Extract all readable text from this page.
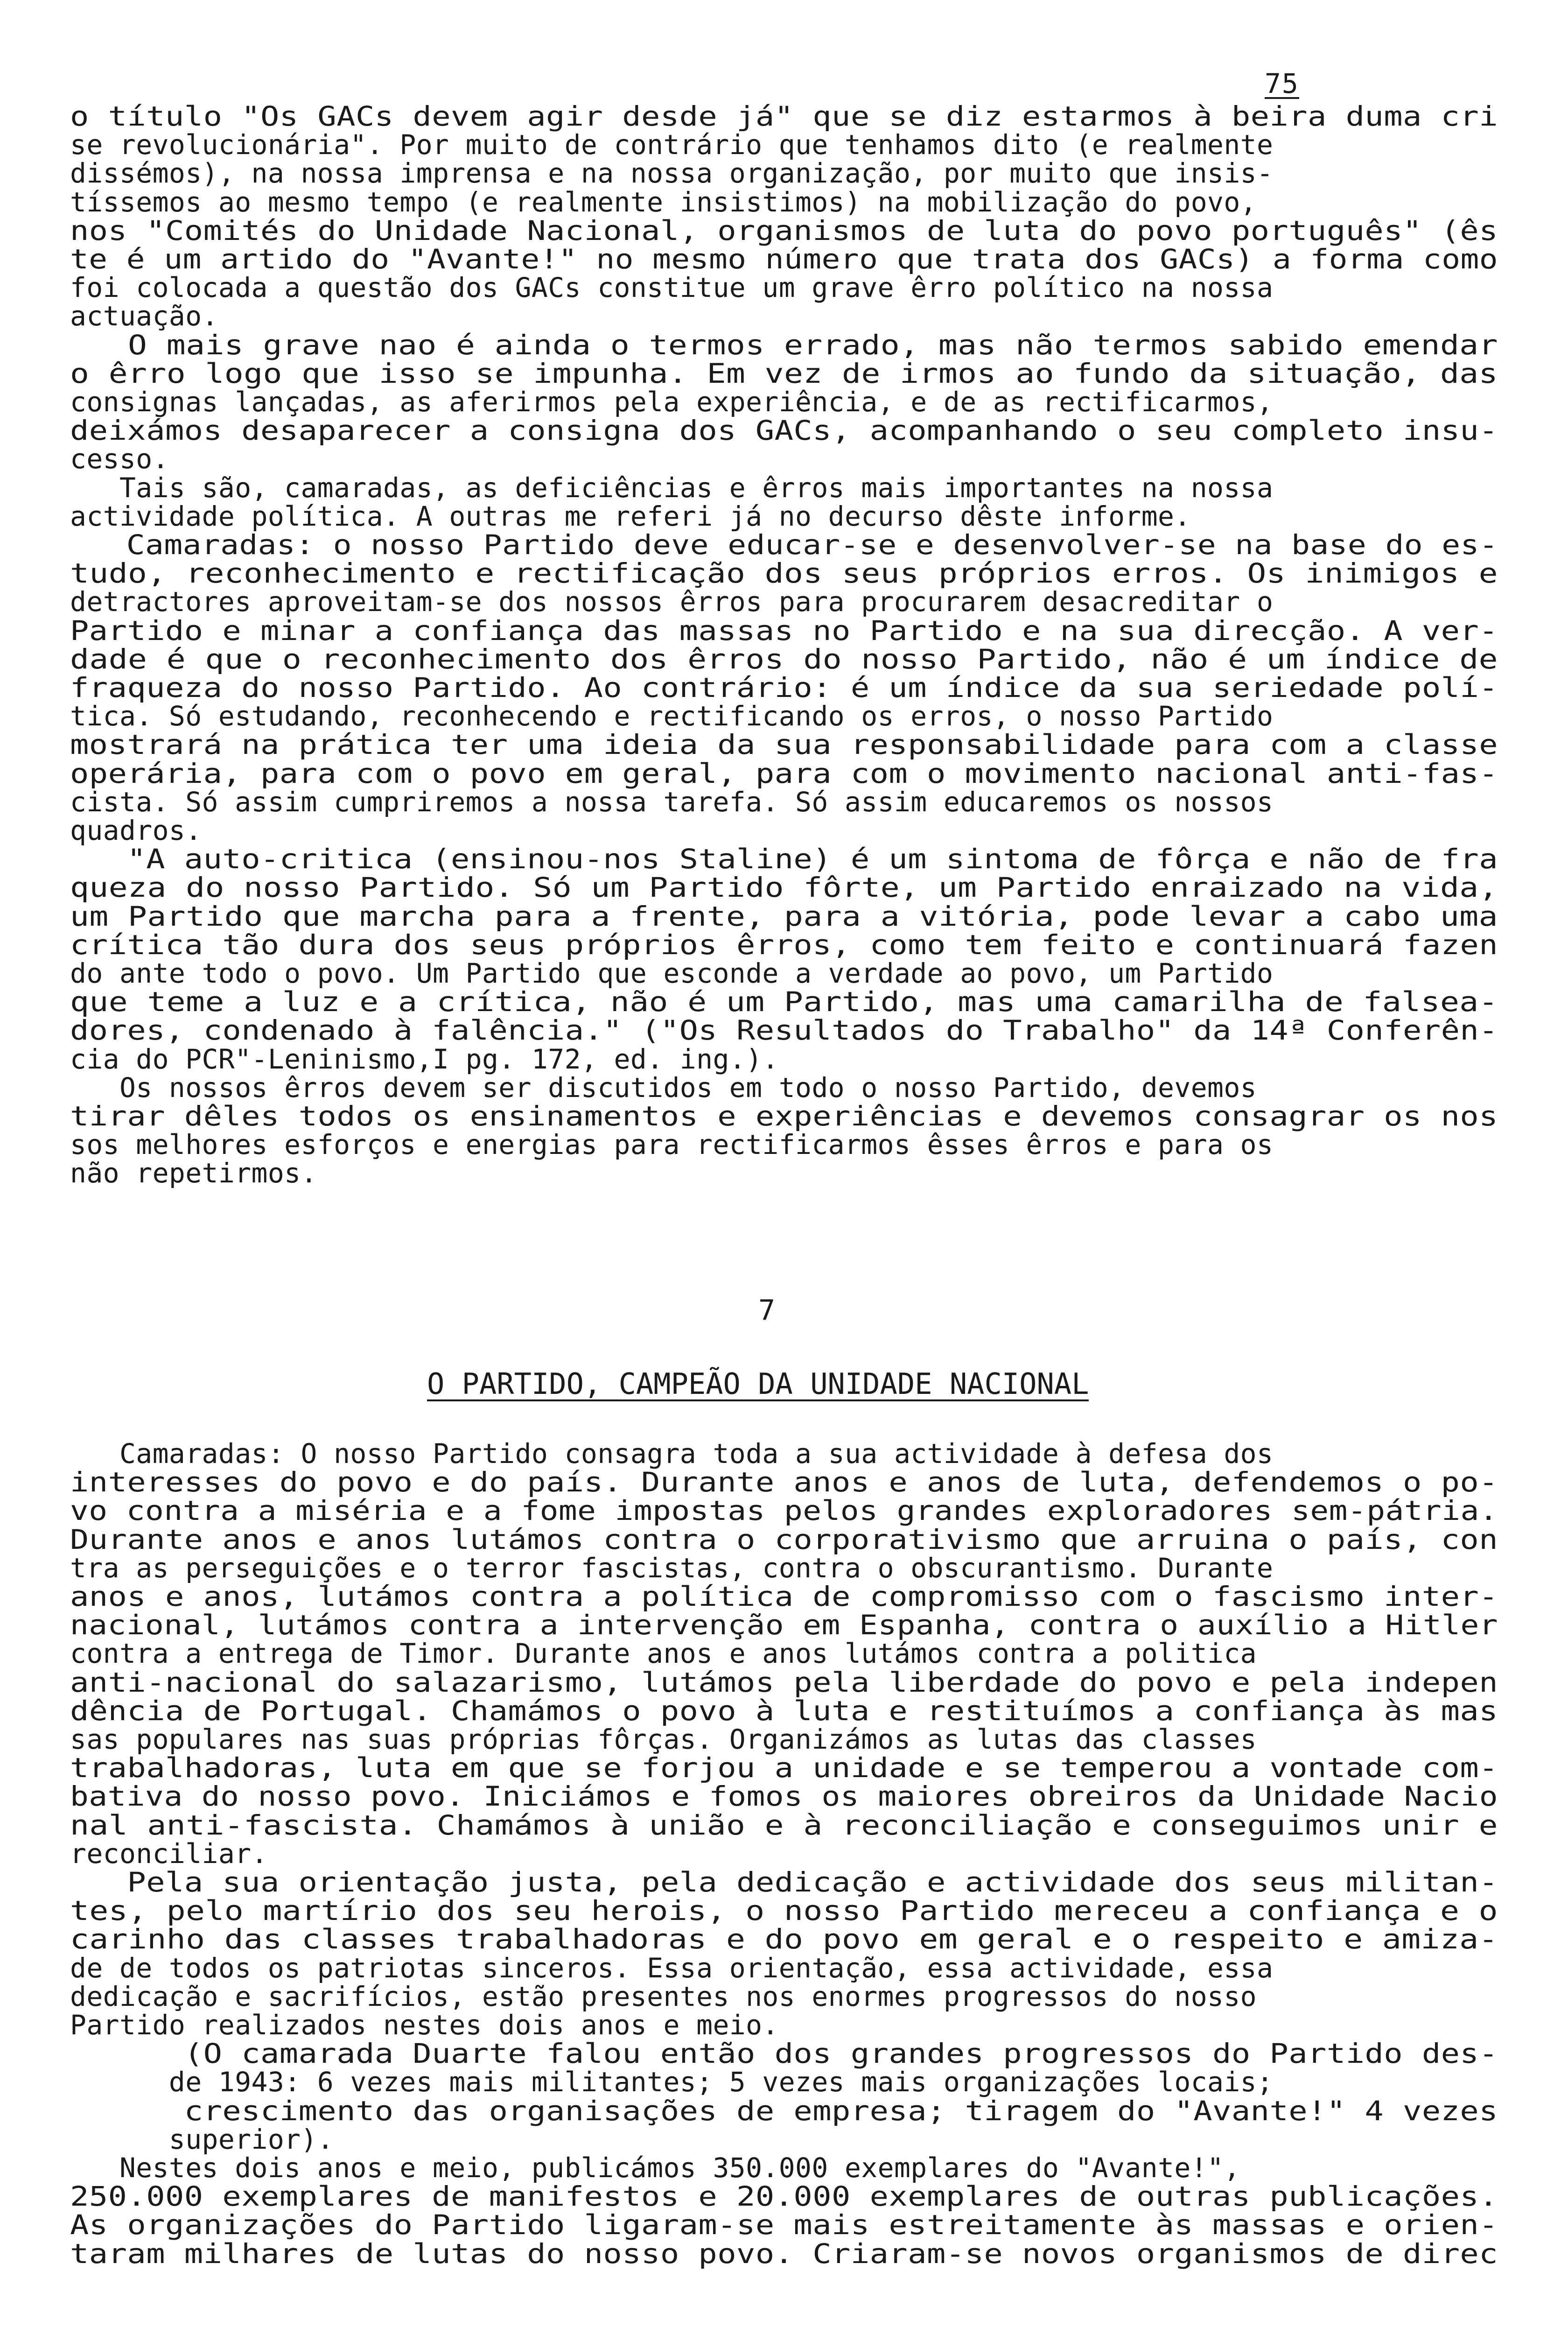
75
o título "Os GACs devem agir desde já" que se diz estarmos à beira duma cri
se revolucionária". Por muito de contrário que tenhamos dito (e realmente
dissémos), na nossa imprensa e na nossa organização, por muito que insis-
tíssemos ao mesmo tempo (e realmente insistimos) na mobilização do povo,
nos "Comités do Unidade Nacional, organismos de luta do povo português" (ês
te é um artido do "Avante!" no mesmo número que trata dos GACs) a forma como
foi colocada a questão dos GACs constitue um grave êrro político na nossa
actuação.
O mais grave nao é ainda o termos errado, mas não termos sabido emendar
o êrro logo que isso se impunha. Em vez de irmos ao fundo da situação, das
consignas lançadas, as aferirmos pela experiência, e de as rectificarmos,
deixámos desaparecer a consigna dos GACs, acompanhando o seu completo insu-
cesso.
Tais são, camaradas, as deficiências e êrros mais importantes na nossa
actividade política. A outras me referi já no decurso dêste informe.
Camaradas: o nosso Partido deve educar-se e desenvolver-se na base do es-
tudo, reconhecimento e rectificação dos seus próprios erros. Os inimigos e
detractores aproveitam-se dos nossos êrros para procurarem desacreditar o
Partido e minar a confiança das massas no Partido e na sua direcção. A ver-
dade é que o reconhecimento dos êrros do nosso Partido, não é um índice de
fraqueza do nosso Partido. Ao contrário: é um índice da sua seriedade polí-
tica. Só estudando, reconhecendo e rectificando os erros, o nosso Partido
mostrará na prática ter uma ideia da sua responsabilidade para com a classe
operária, para com o povo em geral, para com o movimento nacional anti-fas-
cista. Só assim cumpriremos a nossa tarefa. Só assim educaremos os nossos
quadros.
"A auto-critica (ensinou-nos Staline) é um sintoma de fôrça e não de fra
queza do nosso Partido. Só um Partido fôrte, um Partido enraizado na vida,
um Partido que marcha para a frente, para a vitória, pode levar a cabo uma
crítica tão dura dos seus próprios êrros, como tem feito e continuará fazen
do ante todo o povo. Um Partido que esconde a verdade ao povo, um Partido
que teme a luz e a crítica, não é um Partido, mas uma camarilha de falsea-
dores, condenado à falência." ("Os Resultados do Trabalho" da 14ª Conferên-
cia do PCR"-Leninismo,I pg. 172, ed. ing.).
Os nossos êrros devem ser discutidos em todo o nosso Partido, devemos
tirar dêles todos os ensinamentos e experiências e devemos consagrar os nos
sos melhores esforços e energias para rectificarmos êsses êrros e para os
não repetirmos.
7
O PARTIDO, CAMPEÃO DA UNIDADE NACIONAL
Camaradas: O nosso Partido consagra toda a sua actividade à defesa dos
interesses do povo e do país. Durante anos e anos de luta, defendemos o po-
vo contra a miséria e a fome impostas pelos grandes exploradores sem-pátria.
Durante anos e anos lutámos contra o corporativismo que arruina o país, con
tra as perseguições e o terror fascistas, contra o obscurantismo. Durante
anos e anos, lutámos contra a política de compromisso com o fascismo inter-
nacional, lutámos contra a intervenção em Espanha, contra o auxílio a Hitler
contra a entrega de Timor. Durante anos e anos lutámos contra a politica
anti-nacional do salazarismo, lutámos pela liberdade do povo e pela indepen
dência de Portugal. Chamámos o povo à luta e restituímos a confiança às mas
sas populares nas suas próprias fôrças. Organizámos as lutas das classes
trabalhadoras, luta em que se forjou a unidade e se temperou a vontade com-
bativa do nosso povo. Iniciámos e fomos os maiores obreiros da Unidade Nacio
nal anti-fascista. Chamámos à união e à reconciliação e conseguimos unir e
reconciliar.
Pela sua orientação justa, pela dedicação e actividade dos seus militan-
tes, pelo martírio dos seu herois, o nosso Partido mereceu a confiança e o
carinho das classes trabalhadoras e do povo em geral e o respeito e amiza-
de de todos os patriotas sinceros. Essa orientação, essa actividade, essa
dedicação e sacrifícios, estão presentes nos enormes progressos do nosso
Partido realizados nestes dois anos e meio.
(O camarada Duarte falou então dos grandes progressos do Partido des-
de 1943: 6 vezes mais militantes; 5 vezes mais organizações locais;
crescimento das organisações de empresa; tiragem do "Avante!" 4 vezes
superior).
Nestes dois anos e meio, publicámos 350.000 exemplares do "Avante!",
250.000 exemplares de manifestos e 20.000 exemplares de outras publicações.
As organizações do Partido ligaram-se mais estreitamente às massas e orien-
taram milhares de lutas do nosso povo. Criaram-se novos organismos de direc
